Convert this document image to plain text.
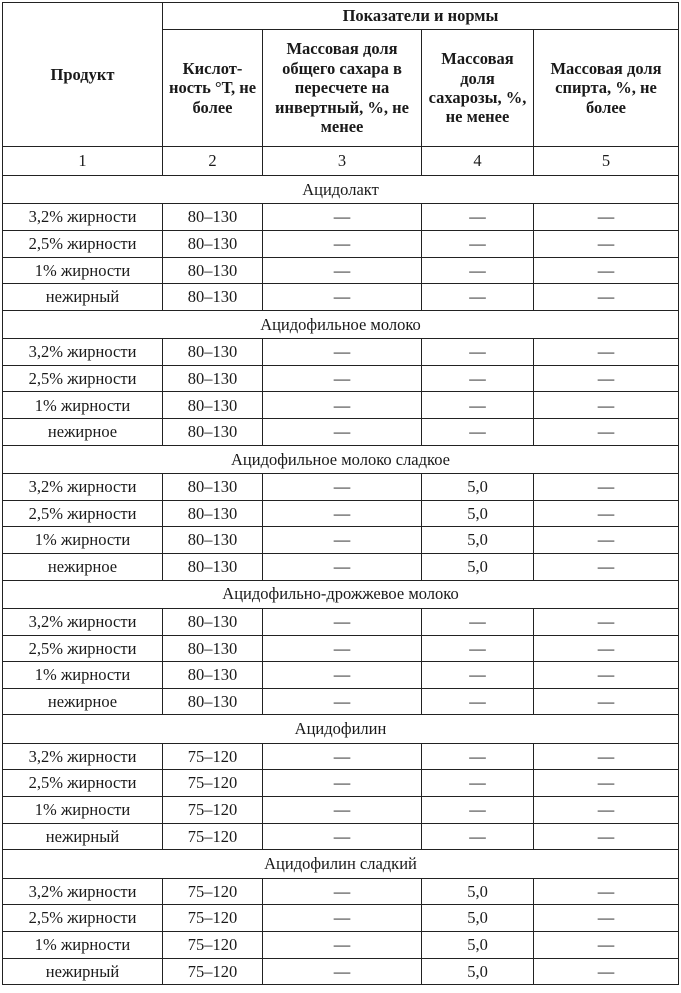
Продукт	Показатели и нормы			
	Кислот-ность °Т, не более	Массовая доля общего сахара в пересчете на инвертный, %, не менее	Массовая доля сахарозы, %, не менее	Массовая доля спирта, %, не более
1	2	3	4	5
Ацидолакт				
3,2% жирности	80–130	—	—	—
2,5% жирности	80–130	—	—	—
1% жирности	80–130	—	—	—
нежирный	80–130	—	—	—
Ацидофильное молоко				
3,2% жирности	80–130	—	—	—
2,5% жирности	80–130	—	—	—
1% жирности	80–130	—	—	—
нежирное	80–130	—	—	—
Ацидофильное молоко сладкое				
3,2% жирности	80–130	—	5,0	—
2,5% жирности	80–130	—	5,0	—
1% жирности	80–130	—	5,0	—
нежирное	80–130	—	5,0	—
Ацидофильно-дрожжевое молоко				
3,2% жирности	80–130	—	—	—
2,5% жирности	80–130	—	—	—
1% жирности	80–130	—	—	—
нежирное	80–130	—	—	—
Ацидофилин				
3,2% жирности	75–120	—	—	—
2,5% жирности	75–120	—	—	—
1% жирности	75–120	—	—	—
нежирный	75–120	—	—	—
Ацидофилин сладкий				
3,2% жирности	75–120	—	5,0	—
2,5% жирности	75–120	—	5,0	—
1% жирности	75–120	—	5,0	—
нежирный	75–120	—	5,0	—
